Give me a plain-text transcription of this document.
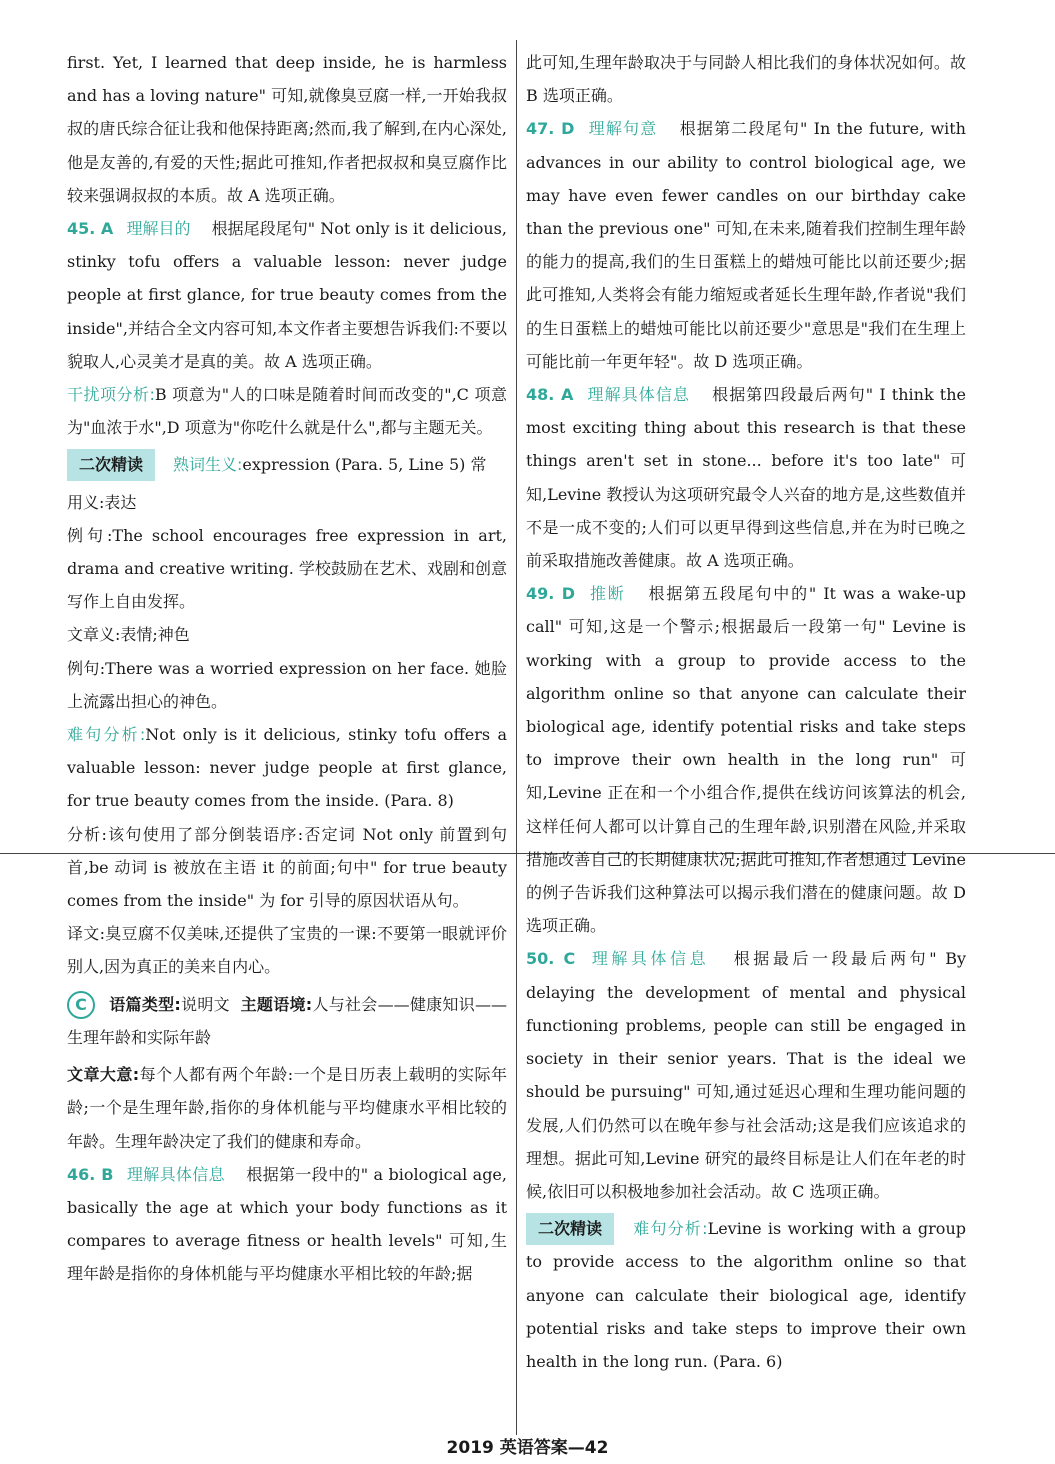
first. Yet, I learned that deep inside, he is harmless and has a loving nature" 可知,就像臭豆腐一样,一开始我叔叔的唐氏综合征让我和他保持距离;然而,我了解到,在内心深处,他是友善的,有爱的天性;据此可推知,作者把叔叔和臭豆腐作比较来强调叔叔的本质。故 A 选项正确。

45. A 理解目的 根据尾段尾句" Not only is it delicious, stinky tofu offers a valuable lesson: never judge people at first glance, for true beauty comes from the inside",并结合全文内容可知,本文作者主要想告诉我们:不要以貌取人,心灵美才是真的美。故 A 选项正确。

干扰项分析:B 项意为"人的口味是随着时间而改变的",C 项意为"血浓于水",D 项意为"你吃什么就是什么",都与主题无关。

二次精读 熟词生义:expression (Para. 5, Line 5) 常

用义:表达

例句:The school encourages free expression in art, drama and creative writing. 学校鼓励在艺术、戏剧和创意写作上自由发挥。

文章义:表情;神色

例句:There was a worried expression on her face. 她脸上流露出担心的神色。

难句分析:Not only is it delicious, stinky tofu offers a valuable lesson: never judge people at first glance, for true beauty comes from the inside. (Para. 8)

分析:该句使用了部分倒装语序:否定词 Not only 前置到句首,be 动词 is 被放在主语 it 的前面;句中" for true beauty comes from the inside" 为 for 引导的原因状语从句。

译文:臭豆腐不仅美味,还提供了宝贵的一课:不要第一眼就评价别人,因为真正的美来自内心。

C 语篇类型:说明文 主题语境:人与社会——健康知识——生理年龄和实际年龄

文章大意:每个人都有两个年龄:一个是日历表上载明的实际年龄;一个是生理年龄,指你的身体机能与平均健康水平相比较的年龄。生理年龄决定了我们的健康和寿命。

46. B 理解具体信息 根据第一段中的" a biological age, basically the age at which your body functions as it compares to average fitness or health levels" 可知,生理年龄是指你的身体机能与平均健康水平相比较的年龄;据

此可知,生理年龄取决于与同龄人相比我们的身体状况如何。故 B 选项正确。

47. D 理解句意 根据第二段尾句" In the future, with advances in our ability to control biological age, we may have even fewer candles on our birthday cake than the previous one" 可知,在未来,随着我们控制生理年龄的能力的提高,我们的生日蛋糕上的蜡烛可能比以前还要少;据此可推知,人类将会有能力缩短或者延长生理年龄,作者说"我们的生日蛋糕上的蜡烛可能比以前还要少"意思是"我们在生理上可能比前一年更年轻"。故 D 选项正确。

48. A 理解具体信息 根据第四段最后两句" I think the most exciting thing about this research is that these things aren't set in stone... before it's too late" 可知,Levine 教授认为这项研究最令人兴奋的地方是,这些数值并不是一成不变的;人们可以更早得到这些信息,并在为时已晚之前采取措施改善健康。故 A 选项正确。

49. D 推断 根据第五段尾句中的" It was a wake-up call" 可知,这是一个警示;根据最后一段第一句" Levine is working with a group to provide access to the algorithm online so that anyone can calculate their biological age, identify potential risks and take steps to improve their own health in the long run" 可知,Levine 正在和一个小组合作,提供在线访问该算法的机会,这样任何人都可以计算自己的生理年龄,识别潜在风险,并采取措施改善自己的长期健康状况;据此可推知,作者想通过 Levine 的例子告诉我们这种算法可以揭示我们潜在的健康问题。故 D 选项正确。

50. C 理解具体信息 根据最后一段最后两句" By delaying the development of mental and physical functioning problems, people can still be engaged in society in their senior years. That is the ideal we should be pursuing" 可知,通过延迟心理和生理功能问题的发展,人们仍然可以在晚年参与社会活动;这是我们应该追求的理想。据此可知,Levine 研究的最终目标是让人们在年老的时候,依旧可以积极地参加社会活动。故 C 选项正确。

二次精读 难句分析:Levine is working with a group to provide access to the algorithm online so that anyone can calculate their biological age, identify potential risks and take steps to improve their own health in the long run. (Para. 6)

2019 英语答案—42
